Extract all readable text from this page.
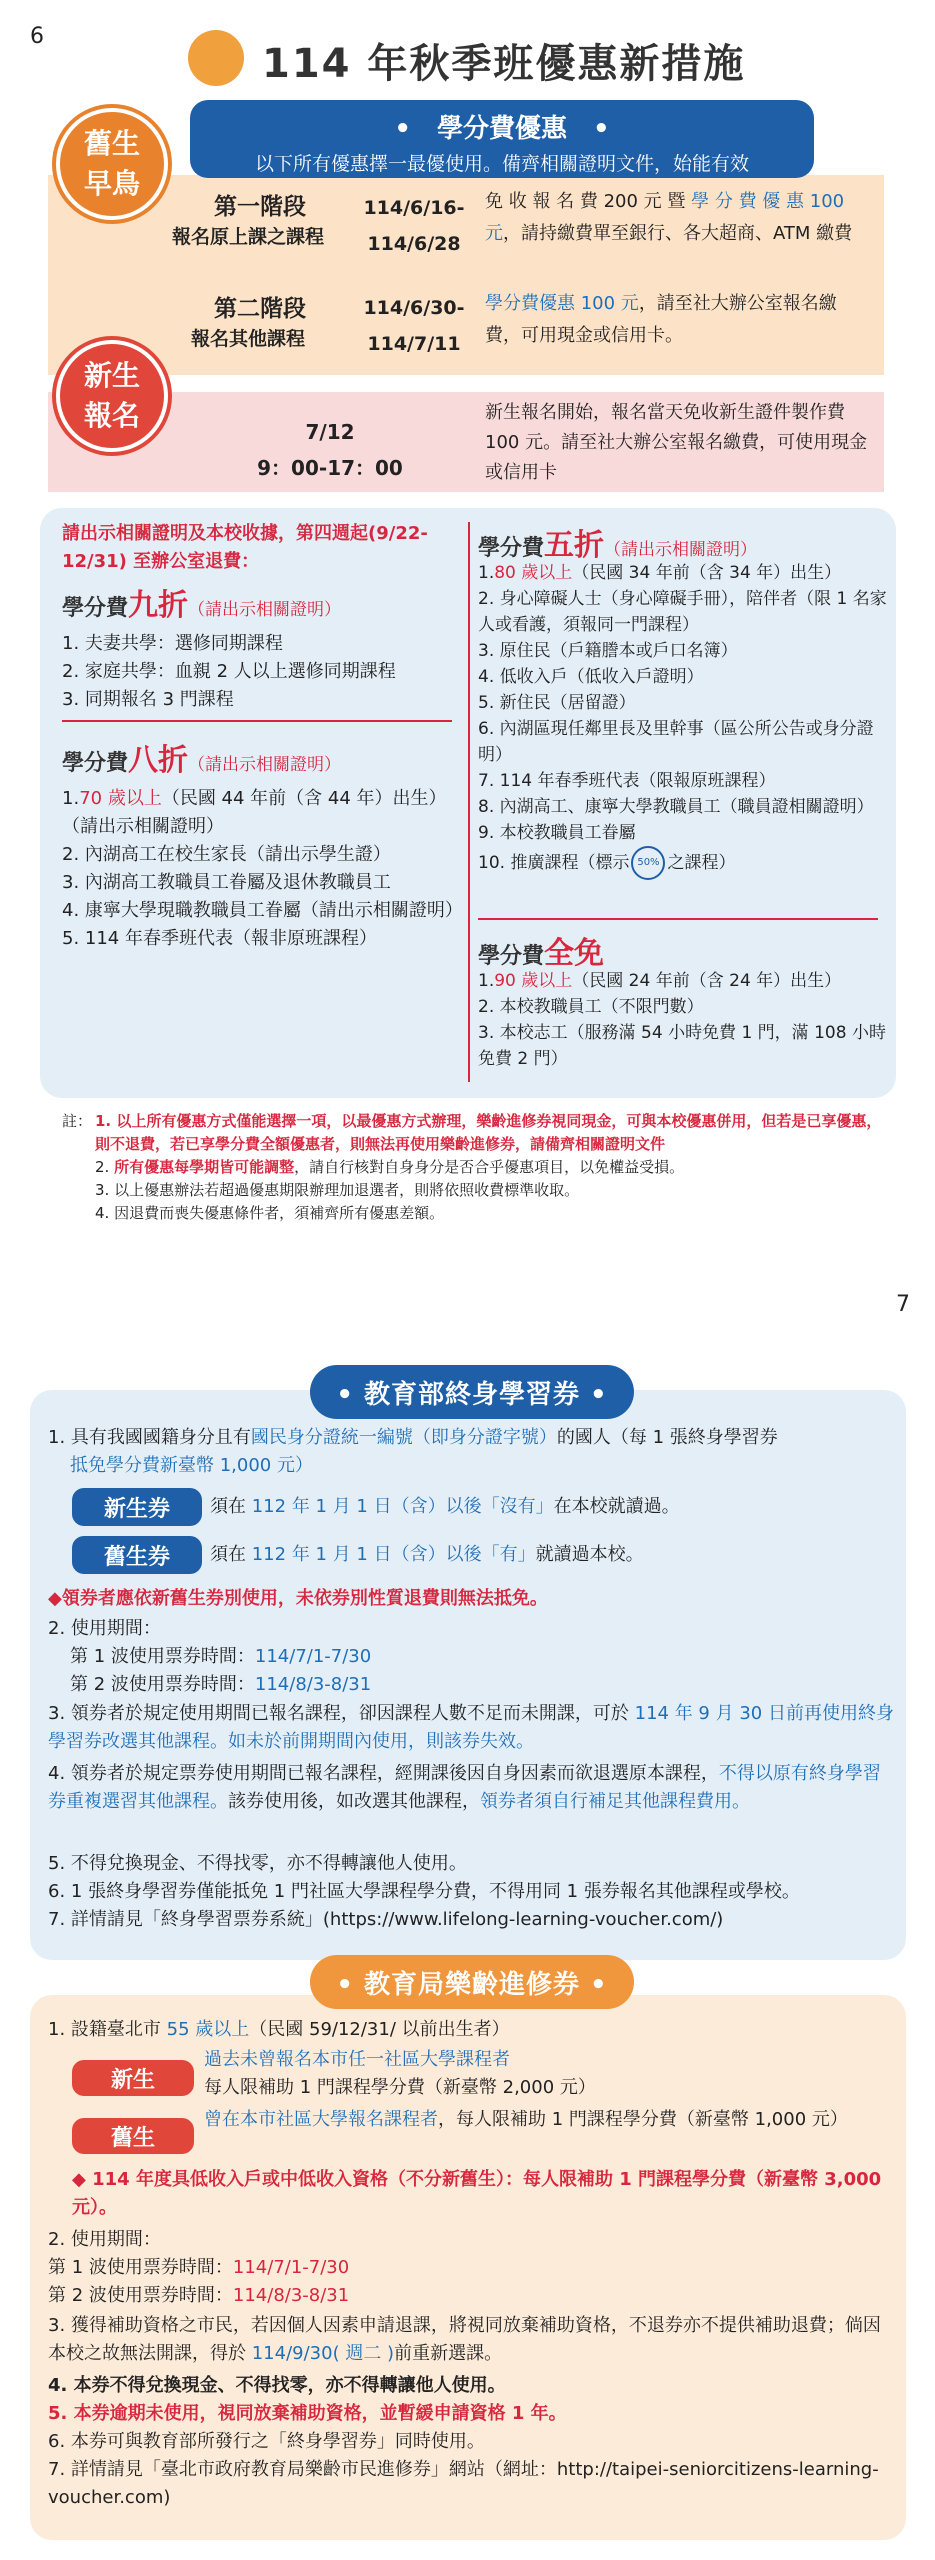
6
114 年秋季班優惠新措施
•　學分費優惠　•
以下所有優惠擇一最優使用。備齊相關證明文件，始能有效
舊生早鳥
新生報名
第一階段
報名原上課之課程
114/6/16-
114/6/28
免 收 報 名 費 200 元 暨 學 分 費 優 惠 100 元，請持繳費單至銀行、各大超商、ATM 繳費
第二階段
報名其他課程
114/6/30-
114/7/11
學分費優惠 100 元，請至社大辦公室報名繳費，可用現金或信用卡。
7/12
9：00-17：00
新生報名開始，報名當天免收新生證件製作費 100 元。請至社大辦公室報名繳費，可使用現金或信用卡
請出示相關證明及本校收據，第四週起(9/22-12/31) 至辦公室退費：
學分費九折（請出示相關證明）
1. 夫妻共學：選修同期課程
2. 家庭共學：血親 2 人以上選修同期課程
3. 同期報名 3 門課程
學分費八折（請出示相關證明）
1.70 歲以上（民國 44 年前（含 44 年）出生）（請出示相關證明）
2. 內湖高工在校生家長（請出示學生證）
3. 內湖高工教職員工眷屬及退休教職員工
4. 康寧大學現職教職員工眷屬（請出示相關證明）
5. 114 年春季班代表（報非原班課程）
學分費五折（請出示相關證明）
1.80 歲以上（民國 34 年前（含 34 年）出生）
2. 身心障礙人士（身心障礙手冊），陪伴者（限 1 名家人或看護，須報同一門課程）
3. 原住民（戶籍謄本或戶口名簿）
4. 低收入戶（低收入戶證明）
5. 新住民（居留證）
6. 內湖區現任鄰里長及里幹事（區公所公告或身分證明）
7. 114 年春季班代表（限報原班課程）
8. 內湖高工、康寧大學教職員工（職員證相關證明）
9. 本校教職員工眷屬
10. 推廣課程（標示 50% 之課程）
學分費全免
1.90 歲以上（民國 24 年前（含 24 年）出生）
2. 本校教職員工（不限門數）
3. 本校志工（服務滿 54 小時免費 1 門，滿 108 小時免費 2 門）
註： 1. 以上所有優惠方式僅能選擇一項，以最優惠方式辦理，樂齡進修券視同現金，可與本校優惠併用，但若是已享優惠，則不退費，若已享學分費全額優惠者，則無法再使用樂齡進修券，請備齊相關證明文件
2. 所有優惠每學期皆可能調整，請自行核對自身身分是否合乎優惠項目，以免權益受損。
3. 以上優惠辦法若超過優惠期限辦理加退選者，則將依照收費標準收取。
4. 因退費而喪失優惠條件者，須補齊所有優惠差額。
7
• 教育部終身學習券 •
1. 具有我國國籍身分且有國民身分證統一編號（即身分證字號）的國人（每 1 張終身學習券
抵免學分費新臺幣 1,000 元）
新生券	須在 112 年 1 月 1 日（含）以後「沒有」在本校就讀過。
舊生券	須在 112 年 1 月 1 日（含）以後「有」就讀過本校。
◆領券者應依新舊生券別使用，未依券別性質退費則無法抵免。
2. 使用期間：
第 1 波使用票券時間：114/7/1-7/30
第 2 波使用票券時間：114/8/3-8/31
3. 領券者於規定使用期間已報名課程，卻因課程人數不足而未開課，可於 114 年 9 月 30 日前再使用終身學習券改選其他課程。如未於前開期間內使用，則該券失效。
4. 領券者於規定票券使用期間已報名課程，經開課後因自身因素而欲退選原本課程，不得以原有終身學習券重複選習其他課程。該券使用後，如改選其他課程，領券者須自行補足其他課程費用。
5. 不得兌換現金、不得找零，亦不得轉讓他人使用。
6. 1 張終身學習券僅能抵免 1 門社區大學課程學分費，不得用同 1 張券報名其他課程或學校。
7. 詳情請見「終身學習票券系統」(https://www.lifelong-learning-voucher.com/)
• 教育局樂齡進修券 •
1. 設籍臺北市 55 歲以上（民國 59/12/31/ 以前出生者）
新生
過去未曾報名本市任一社區大學課程者每人限補助 1 門課程學分費（新臺幣 2,000 元）
舊生
曾在本市社區大學報名課程者，每人限補助 1 門課程學分費（新臺幣 1,000 元）
◆ 114 年度具低收入戶或中低收入資格（不分新舊生）：每人限補助 1 門課程學分費（新臺幣 3,000 元）。
2. 使用期間：
第 1 波使用票券時間：114/7/1-7/30
第 2 波使用票券時間：114/8/3-8/31
3. 獲得補助資格之市民，若因個人因素申請退課，將視同放棄補助資格，不退券亦不提供補助退費；倘因本校之故無法開課，得於 114/9/30( 週二 )前重新選課。
4. 本券不得兌換現金、不得找零，亦不得轉讓他人使用。
5. 本券逾期未使用，視同放棄補助資格，並暫緩申請資格 1 年。
6. 本券可與教育部所發行之「終身學習券」同時使用。
7. 詳情請見「臺北市政府教育局樂齡市民進修券」網站（網址：http://taipei-seniorcitizens-learning-voucher.com)
